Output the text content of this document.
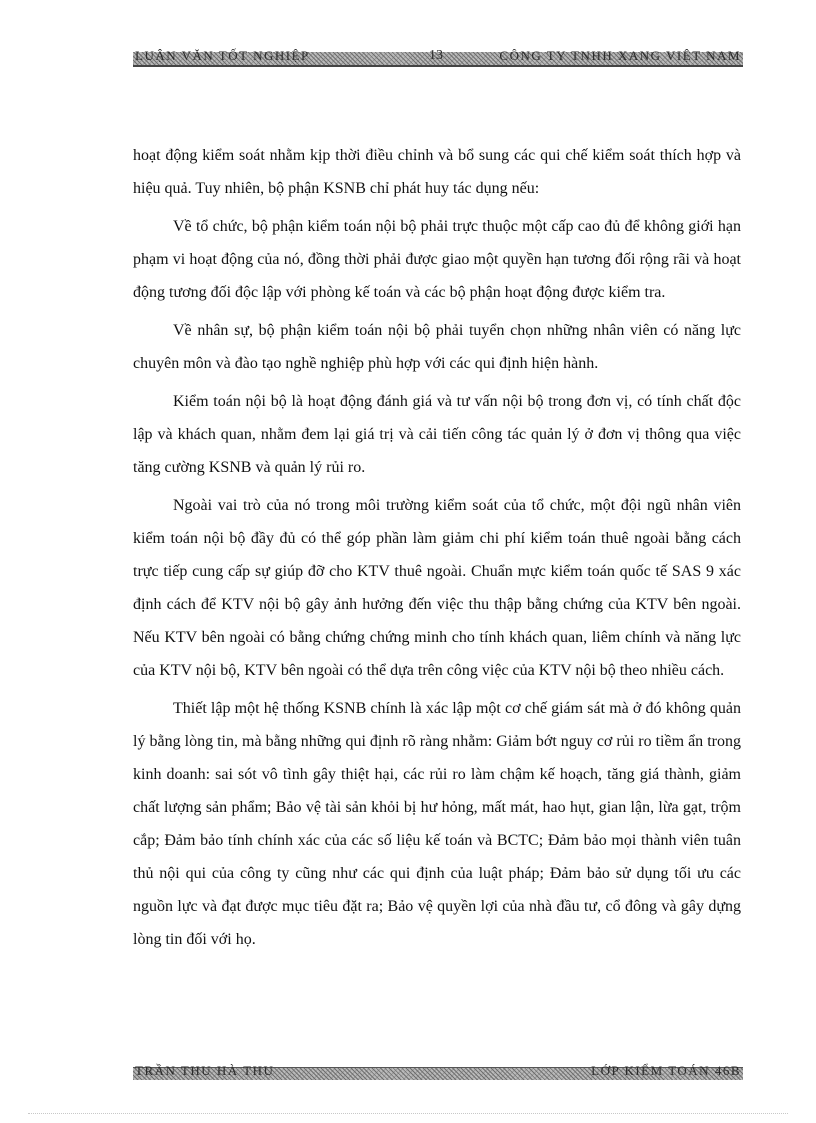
LUẬN VĂN TỐT NGHIỆP	13	CÔNG TY TNHH XANG VIỆT NAM

hoạt động kiểm soát nhằm kịp thời điều chỉnh và bổ sung các qui chế kiểm soát thích hợp và hiệu quả. Tuy nhiên, bộ phận KSNB chỉ phát huy tác dụng nếu:

Về tổ chức, bộ phận kiểm toán nội bộ phải trực thuộc một cấp cao đủ để không giới hạn phạm vi hoạt động của nó, đồng thời phải được giao một quyền hạn tương đối rộng rãi và hoạt động tương đối độc lập với phòng kế toán và các bộ phận hoạt động được kiểm tra.

Về nhân sự, bộ phận kiểm toán nội bộ phải tuyển chọn những nhân viên có năng lực chuyên môn và đào tạo nghề nghiệp phù hợp với các qui định hiện hành.

Kiểm toán nội bộ là hoạt động đánh giá và tư vấn nội bộ trong đơn vị, có tính chất độc lập và khách quan, nhằm đem lại giá trị và cải tiến công tác quản lý ở đơn vị thông qua việc tăng cường KSNB và quản lý rủi ro.

Ngoài vai trò của nó trong môi trường kiểm soát của tổ chức, một đội ngũ nhân viên kiểm toán nội bộ đầy đủ có thể góp phần làm giảm chi phí kiểm toán thuê ngoài bằng cách trực tiếp cung cấp sự giúp đỡ cho KTV thuê ngoài. Chuẩn mực kiểm toán quốc tế SAS 9 xác định cách để KTV nội bộ gây ảnh hưởng đến việc thu thập bằng chứng của KTV bên ngoài. Nếu KTV bên ngoài có bằng chứng chứng minh cho tính khách quan, liêm chính và năng lực của KTV nội bộ, KTV bên ngoài có thể dựa trên công việc của KTV nội bộ theo nhiều cách.

Thiết lập một hệ thống KSNB chính là xác lập một cơ chế giám sát mà ở đó không quản lý bằng lòng tin, mà bằng những qui định rõ ràng nhằm: Giảm bớt nguy cơ rủi ro tiềm ẩn trong kinh doanh: sai sót vô tình gây thiệt hại, các rủi ro làm chậm kế hoạch, tăng giá thành, giảm chất lượng sản phẩm; Bảo vệ tài sản khỏi bị hư hỏng, mất mát, hao hụt, gian lận, lừa gạt, trộm cắp; Đảm bảo tính chính xác của các số liệu kế toán và BCTC; Đảm bảo mọi thành viên tuân thủ nội qui của công ty cũng như các qui định của luật pháp; Đảm bảo sử dụng tối ưu các nguồn lực và đạt được mục tiêu đặt ra; Bảo vệ quyền lợi của nhà đầu tư, cổ đông và gây dựng lòng tin đối với họ.

TRẦN THU HÀ THU	LỚP KIỂM TOÁN 46B
